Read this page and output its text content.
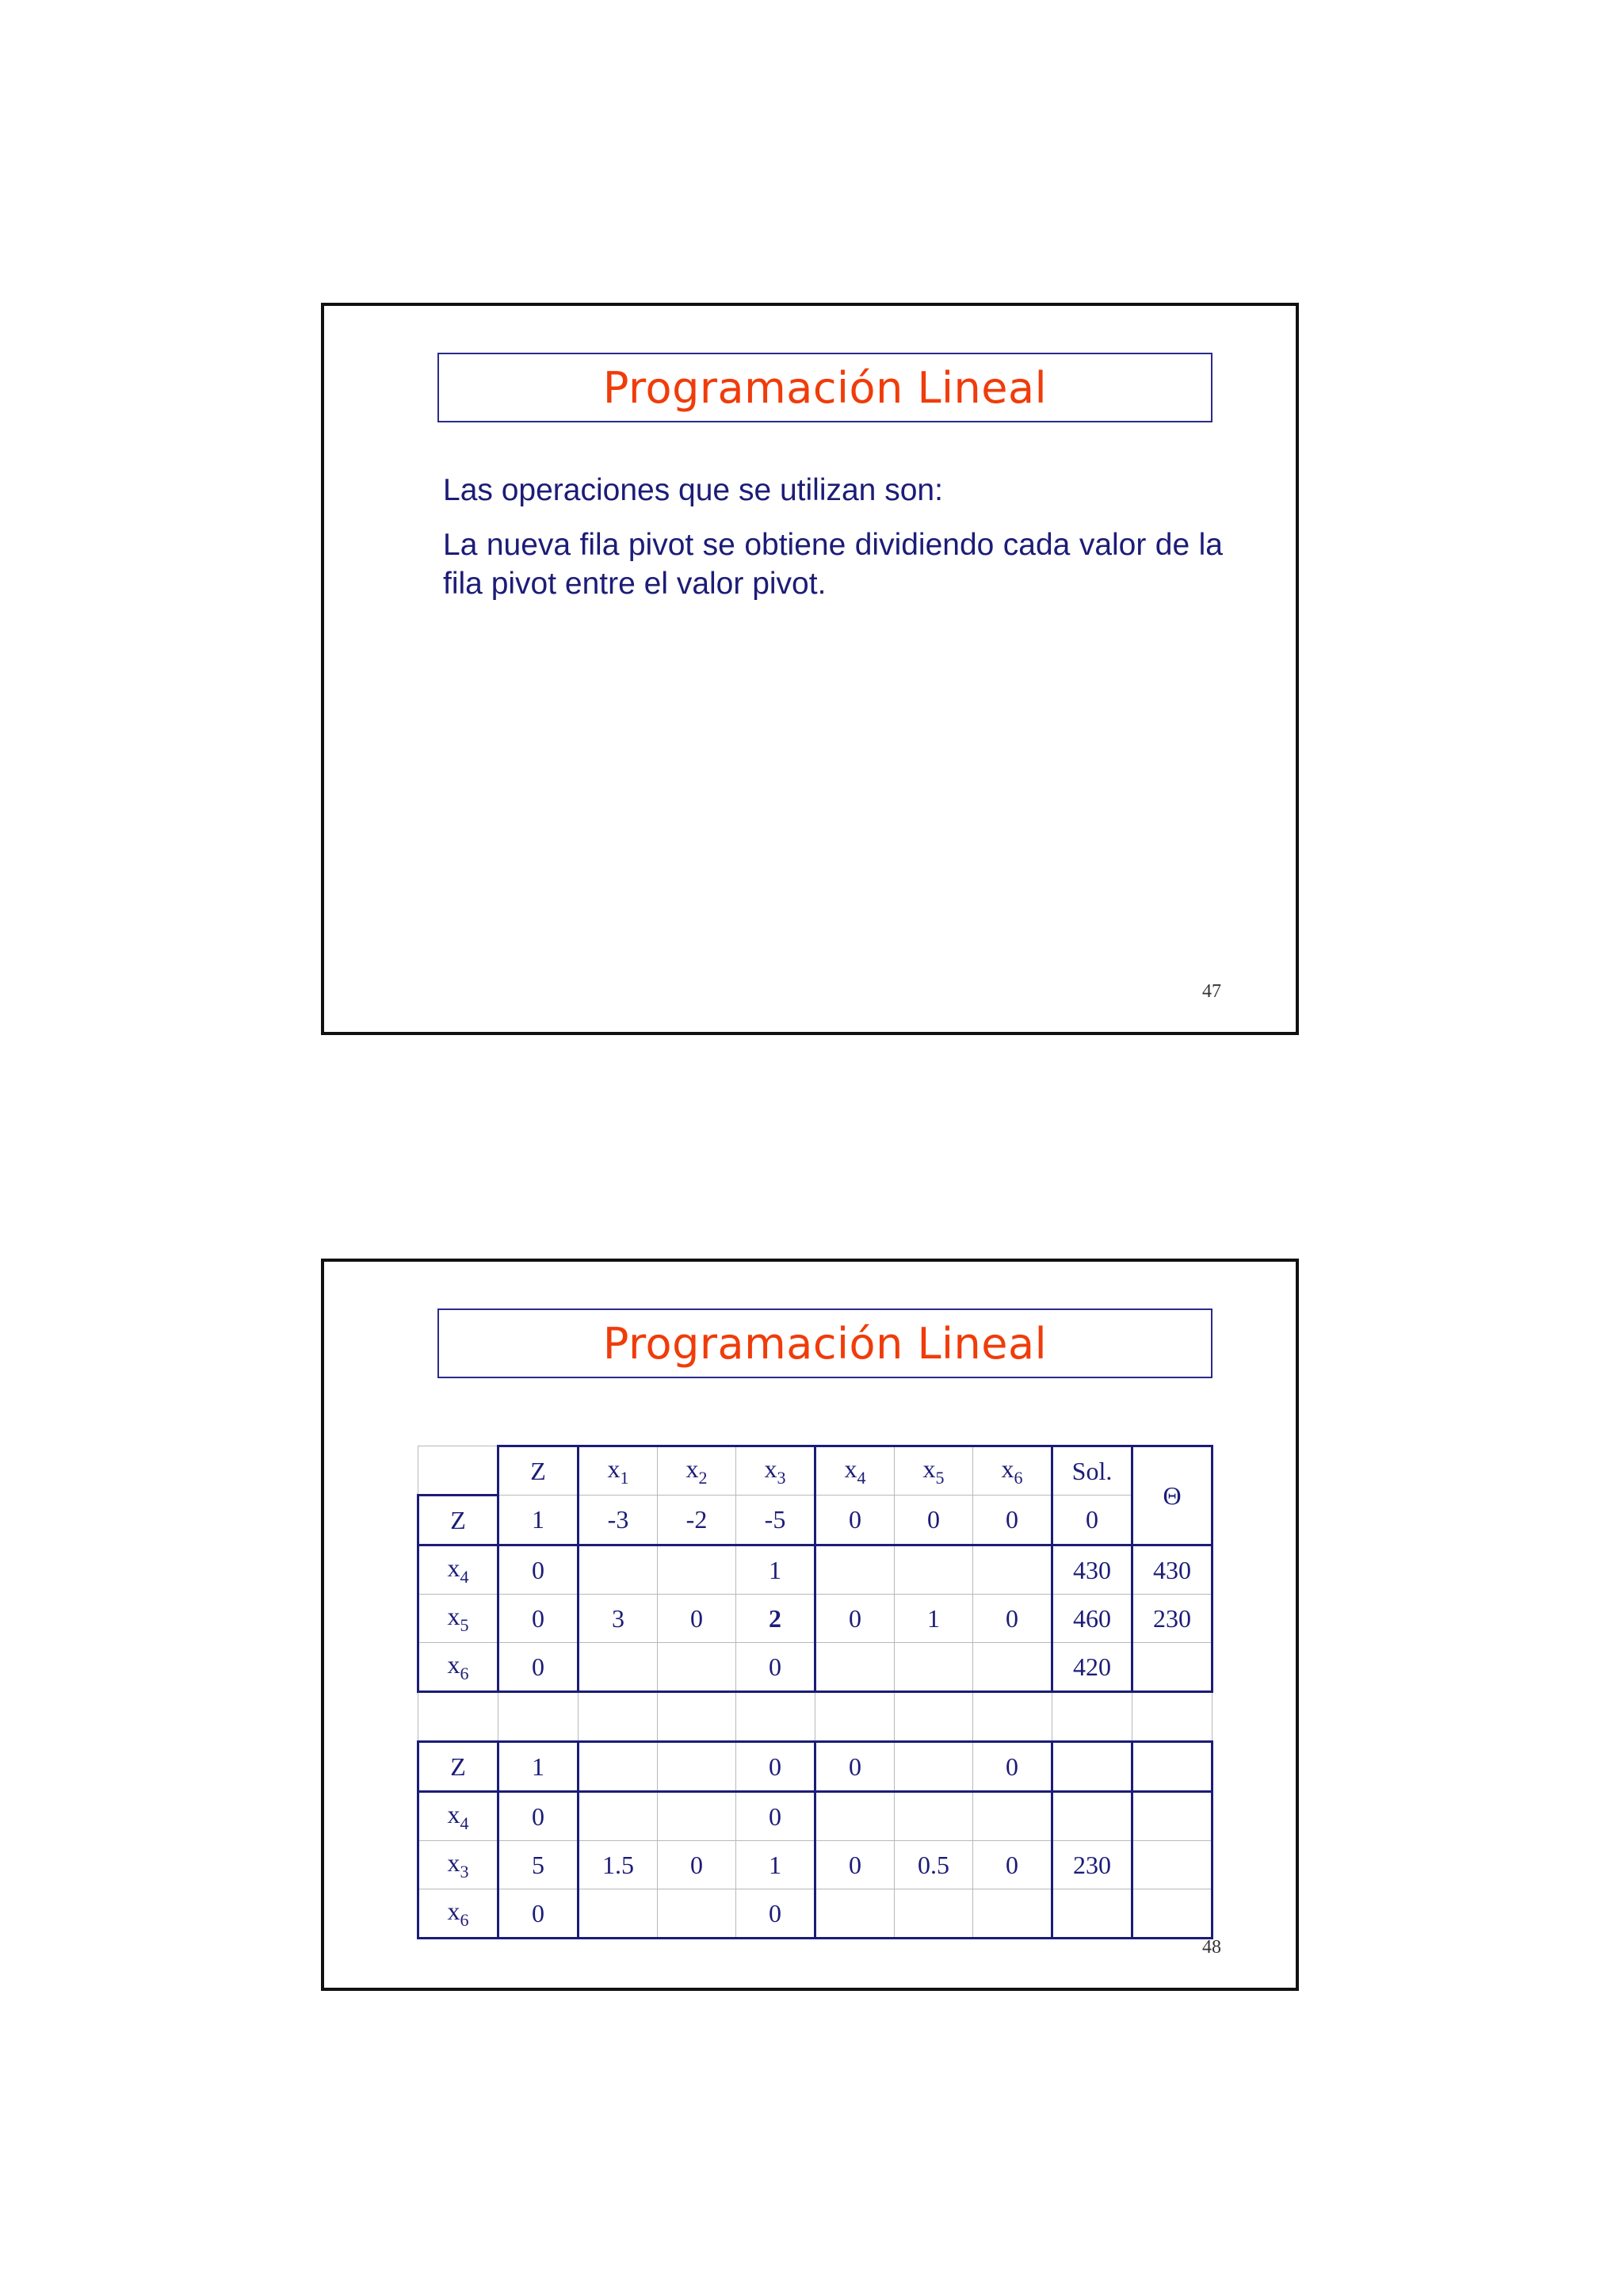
Programación Lineal

Las operaciones que se utilizan son:

La nueva fila pivot se obtiene dividiendo cada valor de la fila pivot entre el valor pivot.

47
Programación Lineal
	Z	$x_1$	$x_2$	$x_3$	$x_4$	$x_5$	$x_6$	Sol.	Θ
Z	1	-3	-2	-5	0	0	0	0	
$x_4$	0			1				430	430
$x_5$	0	3	0	2	0	1	0	460	230
$x_6$	0			0				420	

Z	1			0	0		0		
$x_4$	0			0					
$x_3$	5	1.5	0	1	0	0.5	0	230	
$x_6$	0			0					
48
